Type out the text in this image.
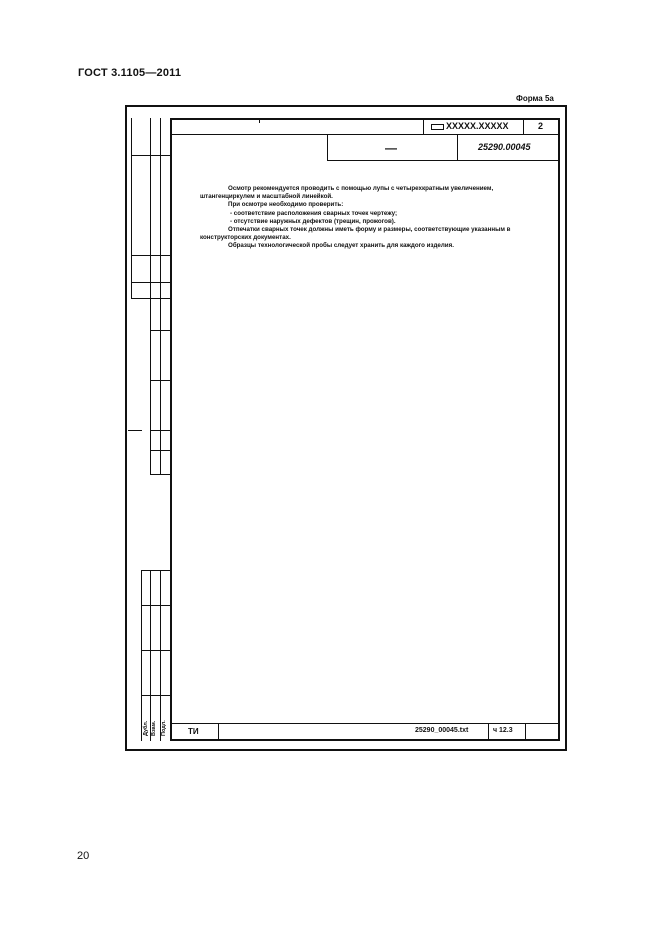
ГОСТ 3.1105—2011
Форма 5а
Дубл. Взам. Подл.
XXXXX.XXXXX	2
—	25290.00045

Осмотр рекомендуется проводить с помощью лупы с четырехкратным увеличением, штангенциркулем и масштабной линейкой.

При осмотре необходимо проверить:

- соответствие расположения сварных точек чертежу;

- отсутствие наружных дефектов (трещин, прожогов).

Отпечатки сварных точек должны иметь форму и размеры, соответствующие указанным в конструкторских документах.

Образцы технологической пробы следует хранить для каждого изделия.

ТИ	25290_00045.txt	ч 12.3
20
